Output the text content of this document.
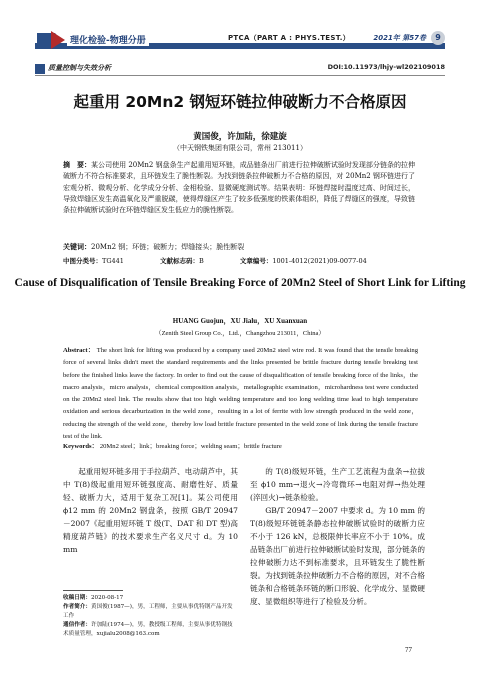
理化检验-物理分册	PTCA（PART A : PHYS.TEST.）	2021年 第57卷	9
质量控制与失效分析	DOI:10.11973/lhjy-wl202109018
起重用 20Mn2 钢短环链拉伸破断力不合格原因
黄国俊，许加陆，徐建旋
（中天钢铁集团有限公司，常州 213011）
摘　要：某公司使用 20Mn2 钢盘条生产起重用短环链，成品链条出厂前进行拉伸破断试验时发现部分链条的拉伸破断力不符合标准要求，且环链发生了脆性断裂。为找到链条拉伸破断力不合格的原因，对 20Mn2 钢环链进行了宏观分析、微观分析、化学成分分析、金相检验、显微硬度测试等。结果表明：环链焊接时温度过高、时间过长，导致焊缝区发生高温氧化及严重脱碳，使得焊缝区产生了较多低强度的铁素体组织，降低了焊缝区的强度，导致链条拉伸破断试验时在环链焊缝区发生低应力的脆性断裂。
关键词：20Mn2 钢；环链；破断力；焊缝接头；脆性断裂
中图分类号：TG441	文献标志码：B	文章编号：1001-4012(2021)09-0077-04
Cause of Disqualification of Tensile Breaking Force of 20Mn2 Steel of Short Link for Lifting
HUANG Guojun，XU Jialu，XU Xuanxuan
（Zenith Steel Group Co.，Ltd.，Changzhou 213011，China）
Abstract： The short link for lifting was produced by a company used 20Mn2 steel wire rod. It was found that the tensile breaking force of several links didn't meet the standard requirements and the links presented be brittle fracture during tensile breaking test before the finished links leave the factory. In order to find out the cause of disqualification of tensile breaking force of the links，the macro analysis，micro analysis，chemical composition analysis，metallographic examination，microhardness test were conducted on the 20Mn2 steel link. The results show that too high welding temperature and too long welding time lead to high temperature oxidation and serious decarburization in the weld zone，resulting in a lot of ferrite with low strength produced in the weld zone，reducing the strength of the weld zone，thereby low load brittle fracture presented in the weld zone of link during the tensile fracture test of the link.
Keywords： 20Mn2 steel；link；breaking force；welding seam；brittle fracture

起重用短环链多用于手拉葫芦、电动葫芦中，其中 T(8)级起重用短环链强度高、耐磨性好、质量轻、破断力大，适用于复杂工况[1]。某公司使用 ϕ12 mm 的 20Mn2 钢盘条，按照 GB/T 20947－2007《起重用短环链 T 级(T、DAT 和 DT 型)高精度葫芦链》的技术要求生产名义尺寸 d。为 10 mm

的 T(8)级短环链，生产工艺流程为盘条→拉拔至 ϕ10 mm→退火→冷弯微环→电阻对焊→热处理(淬回火)→链条检验。

GB/T 20947－2007 中要求 d。为 10 mm 的 T(8)级短环链链条静态拉伸破断试验时的破断力应不小于 126 kN，总极限伸长率应不小于 10%。成品链条出厂前进行拉伸破断试验时发现，部分链条的拉伸破断力达不到标准要求，且环链发生了脆性断裂。为找到链条拉伸破断力不合格的原因，对不合格链条和合格链条环链的断口形貌、化学成分、显微硬度、显微组织等进行了检验及分析。

收稿日期：2020-08-17
作者简介：黄国俊(1987—)，男，工程师，主要从事优特钢产品开发工作
通信作者：许加陆(1974—)，男，教授级工程师，主要从事优特钢技术质量管理，xujialu2008@163.com
77
